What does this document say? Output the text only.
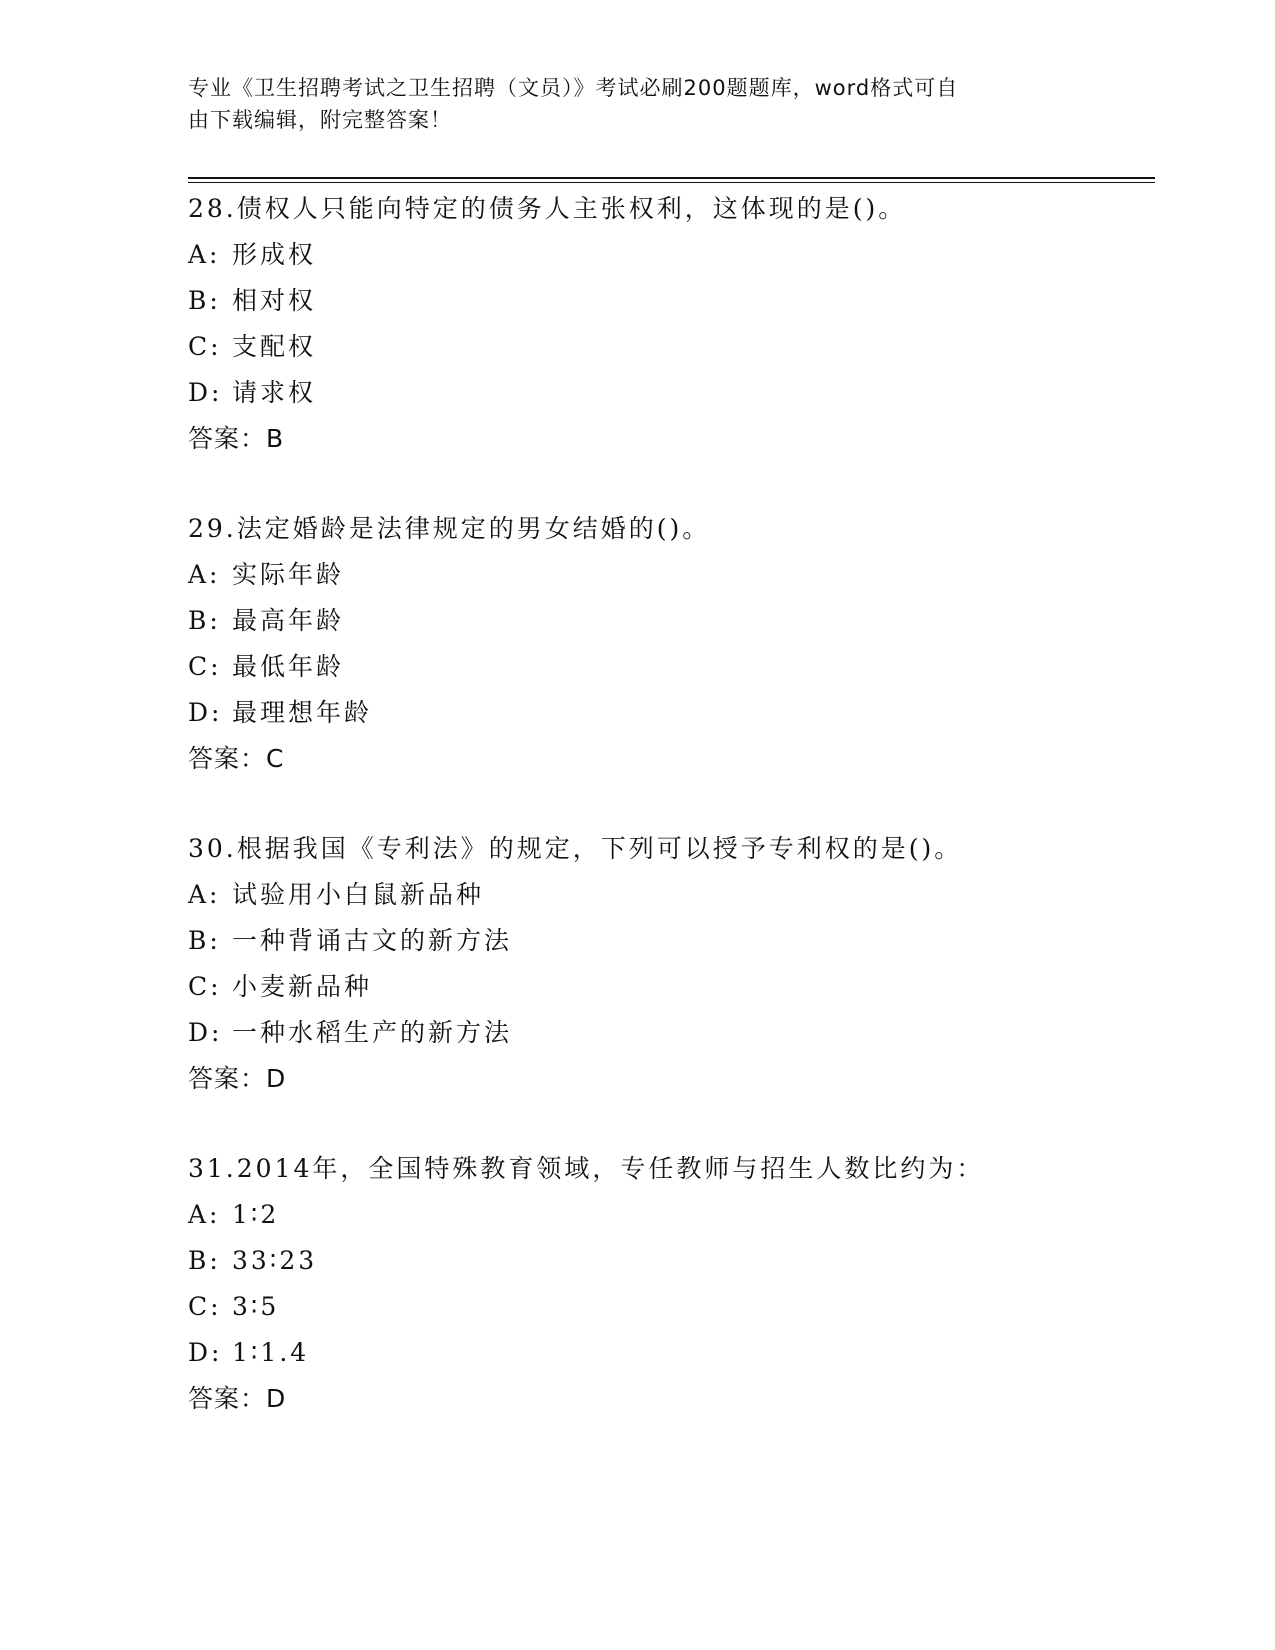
专业《卫生招聘考试之卫生招聘（文员）》考试必刷200题题库，word格式可自
由下载编辑，附完整答案！
28.债权人只能向特定的债务人主张权利，这体现的是()。
A: 形成权
B: 相对权
C: 支配权
D: 请求权
答案：B
29.法定婚龄是法律规定的男女结婚的()。
A: 实际年龄
B: 最高年龄
C: 最低年龄
D: 最理想年龄
答案：C
30.根据我国《专利法》的规定，下列可以授予专利权的是()。
A: 试验用小白鼠新品种
B: 一种背诵古文的新方法
C: 小麦新品种
D: 一种水稻生产的新方法
答案：D
31.2014年，全国特殊教育领域，专任教师与招生人数比约为：
A: 1∶2
B: 33∶23
C: 3∶5
D: 1∶1.4
答案：D
